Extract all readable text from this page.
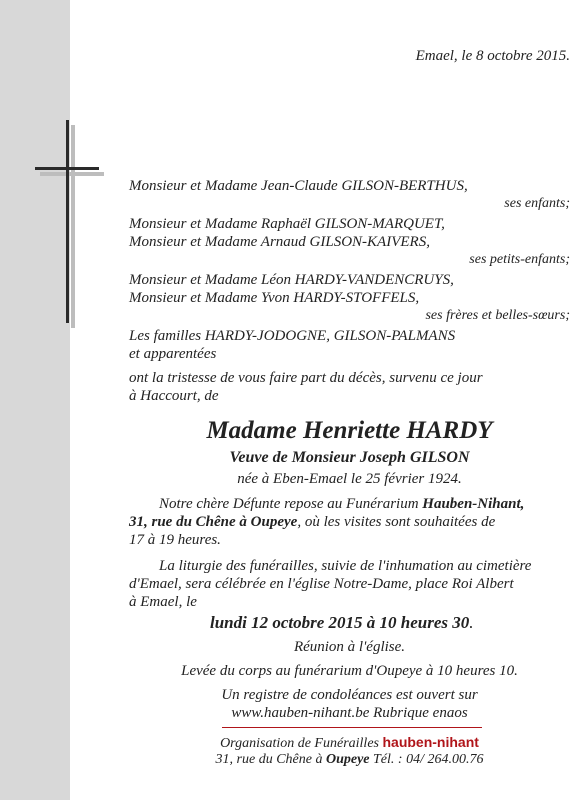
Emael, le 8 octobre 2015.
Monsieur et Madame Jean-Claude GILSON-BERTHUS,
ses enfants;
Monsieur et Madame Raphaël GILSON-MARQUET,
Monsieur et Madame Arnaud GILSON-KAIVERS,
ses petits-enfants;
Monsieur et Madame Léon HARDY-VANDENCRUYS,
Monsieur et Madame Yvon HARDY-STOFFELS,
ses frères et belles-sœurs;
Les familles HARDY-JODOGNE, GILSON-PALMANS
et apparentées
ont la tristesse de vous faire part du décès, survenu ce jour
à Haccourt, de
Madame Henriette HARDY
Veuve de Monsieur Joseph GILSON
née à Eben-Emael le 25 février 1924.
Notre chère Défunte repose au Funérarium Hauben-Nihant,
31, rue du Chêne à Oupeye, où les visites sont souhaitées de
17 à 19 heures.
La liturgie des funérailles, suivie de l'inhumation au cimetière
d'Emael, sera célébrée en l'église Notre-Dame, place Roi Albert
à Emael, le
lundi 12 octobre 2015 à 10 heures 30.
Réunion à l'église.
Levée du corps au funérarium d'Oupeye à 10 heures 10.
Un registre de condoléances est ouvert sur
www.hauben-nihant.be Rubrique enaos
Organisation de Funérailles hauben-nihant
31, rue du Chêne à Oupeye Tél. : 04/ 264.00.76
